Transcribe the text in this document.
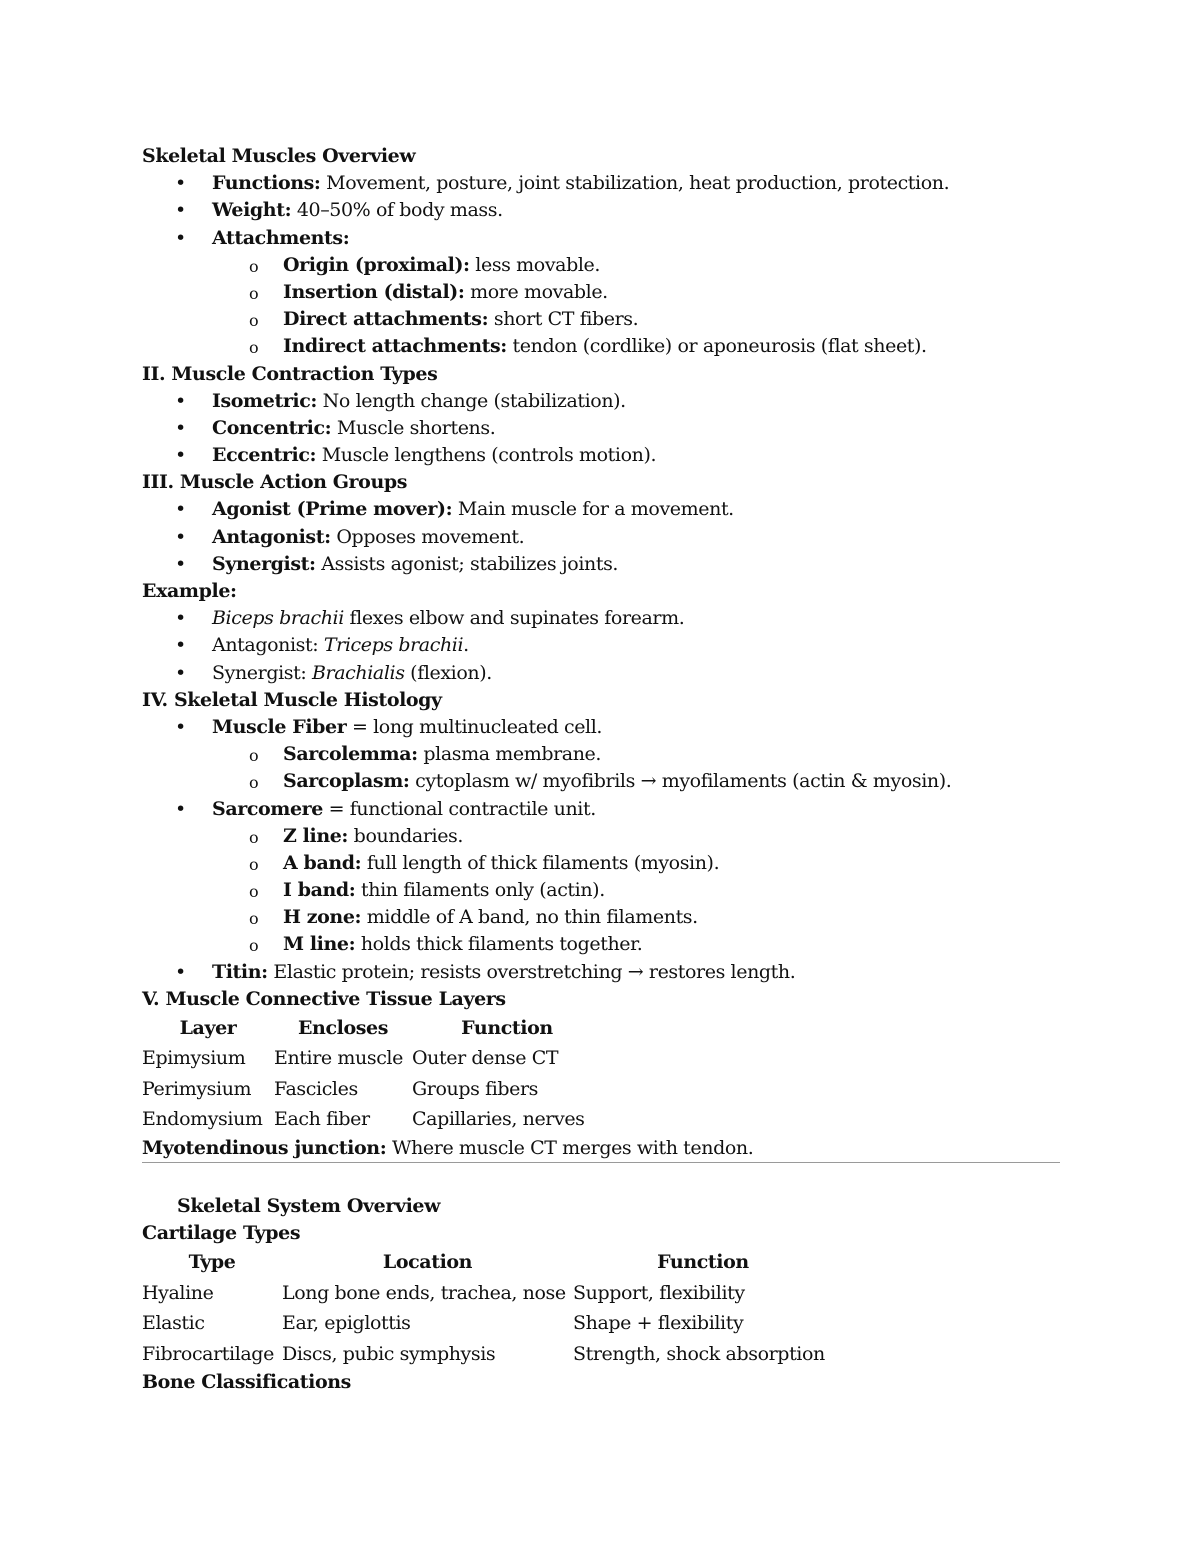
Skeletal Muscles Overview
• Functions: Movement, posture, joint stabilization, heat production, protection.
• Weight: 40–50% of body mass.
• Attachments:
o Origin (proximal): less movable.
o Insertion (distal): more movable.
o Direct attachments: short CT fibers.
o Indirect attachments: tendon (cordlike) or aponeurosis (flat sheet).
II. Muscle Contraction Types
• Isometric: No length change (stabilization).
• Concentric: Muscle shortens.
• Eccentric: Muscle lengthens (controls motion).
III. Muscle Action Groups
• Agonist (Prime mover): Main muscle for a movement.
• Antagonist: Opposes movement.
• Synergist: Assists agonist; stabilizes joints.
Example:
• Biceps brachii flexes elbow and supinates forearm.
• Antagonist: Triceps brachii.
• Synergist: Brachialis (flexion).
IV. Skeletal Muscle Histology
• Muscle Fiber = long multinucleated cell.
o Sarcolemma: plasma membrane.
o Sarcoplasm: cytoplasm w/ myofibrils → myofilaments (actin & myosin).
• Sarcomere = functional contractile unit.
o Z line: boundaries.
o A band: full length of thick filaments (myosin).
o I band: thin filaments only (actin).
o H zone: middle of A band, no thin filaments.
o M line: holds thick filaments together.
• Titin: Elastic protein; resists overstretching → restores length.
V. Muscle Connective Tissue Layers
Layer	Encloses	Function
Epimysium	Entire muscle	Outer dense CT
Perimysium	Fascicles	Groups fibers
Endomysium	Each fiber	Capillaries, nerves
Myotendinous junction: Where muscle CT merges with tendon.
Skeletal System Overview
Cartilage Types
Type	Location	Function
Hyaline	Long bone ends, trachea, nose	Support, flexibility
Elastic	Ear, epiglottis	Shape + flexibility
Fibrocartilage	Discs, pubic symphysis	Strength, shock absorption
Bone Classifications
